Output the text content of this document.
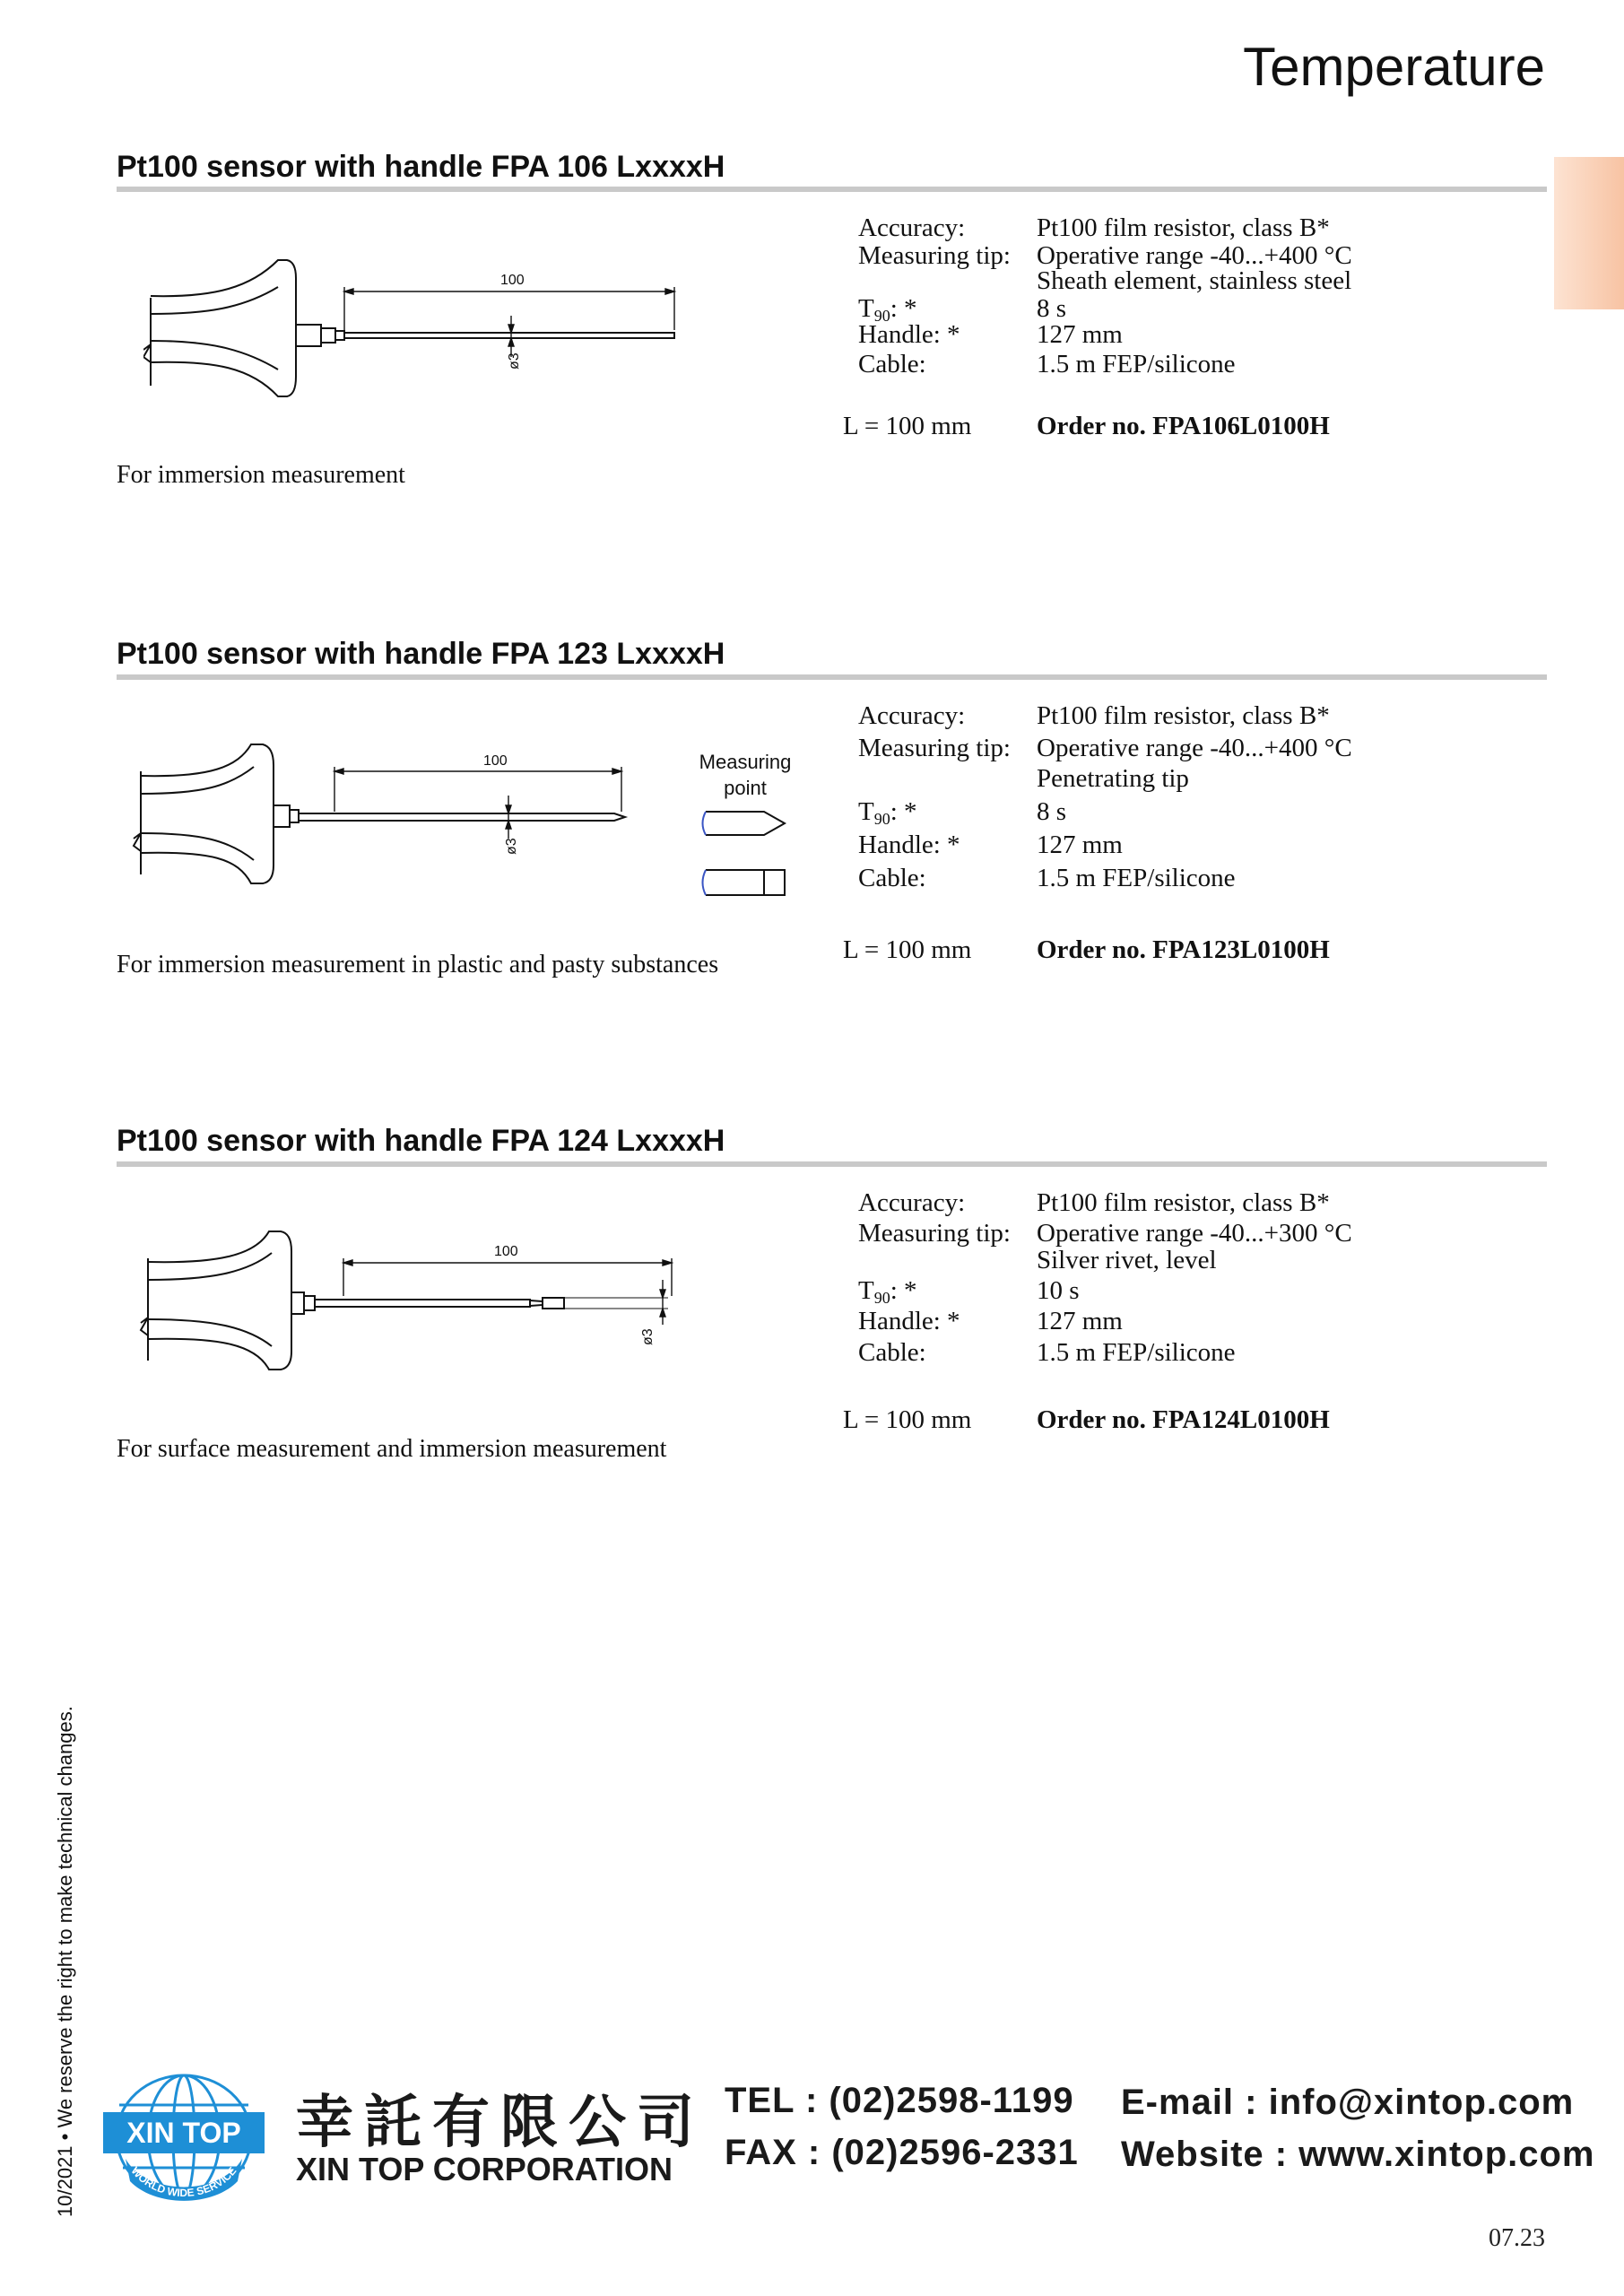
Temperature
Pt100 sensor with handle FPA 106 LxxxxH
100
ø3
For immersion measurement
Accuracy:	Pt100 film resistor, class B*
Measuring tip: Operative range -40...+400 °C
Sheath element, stainless steel
$T_{90}$: *	8 s
Handle: *	127 mm
Cable:	1.5 m FEP/silicone
L = 100 mm	Order no. FPA106L0100H
Pt100 sensor with handle FPA 123 LxxxxH
100
ø3
Measuring
point
For immersion measurement in plastic and pasty substances
Accuracy:	Pt100 film resistor, class B*
Measuring tip: Operative range -40...+400 °C
Penetrating tip
$T_{90}$: *	8 s
Handle: *	127 mm
Cable:	1.5 m FEP/silicone
L = 100 mm	Order no. FPA123L0100H
Pt100 sensor with handle FPA 124 LxxxxH
100
ø3
For surface measurement and immersion measurement
Accuracy:	Pt100 film resistor, class B*
Measuring tip: Operative range -40...+300 °C
Silver rivet, level
$T_{90}$: *	10 s
Handle: *	127 mm
Cable:	1.5 m FEP/silicone
L = 100 mm	Order no. FPA124L0100H
10/2021 • We reserve the right to make technical changes. XIN TOP
WORLD WIDE SERVICE
幸託有限公司
XIN TOP CORPORATION
TEL : (02)2598-1199
FAX : (02)2596-2331
E-mail : info@xintop.com
Website : www.xintop.com
07.23
